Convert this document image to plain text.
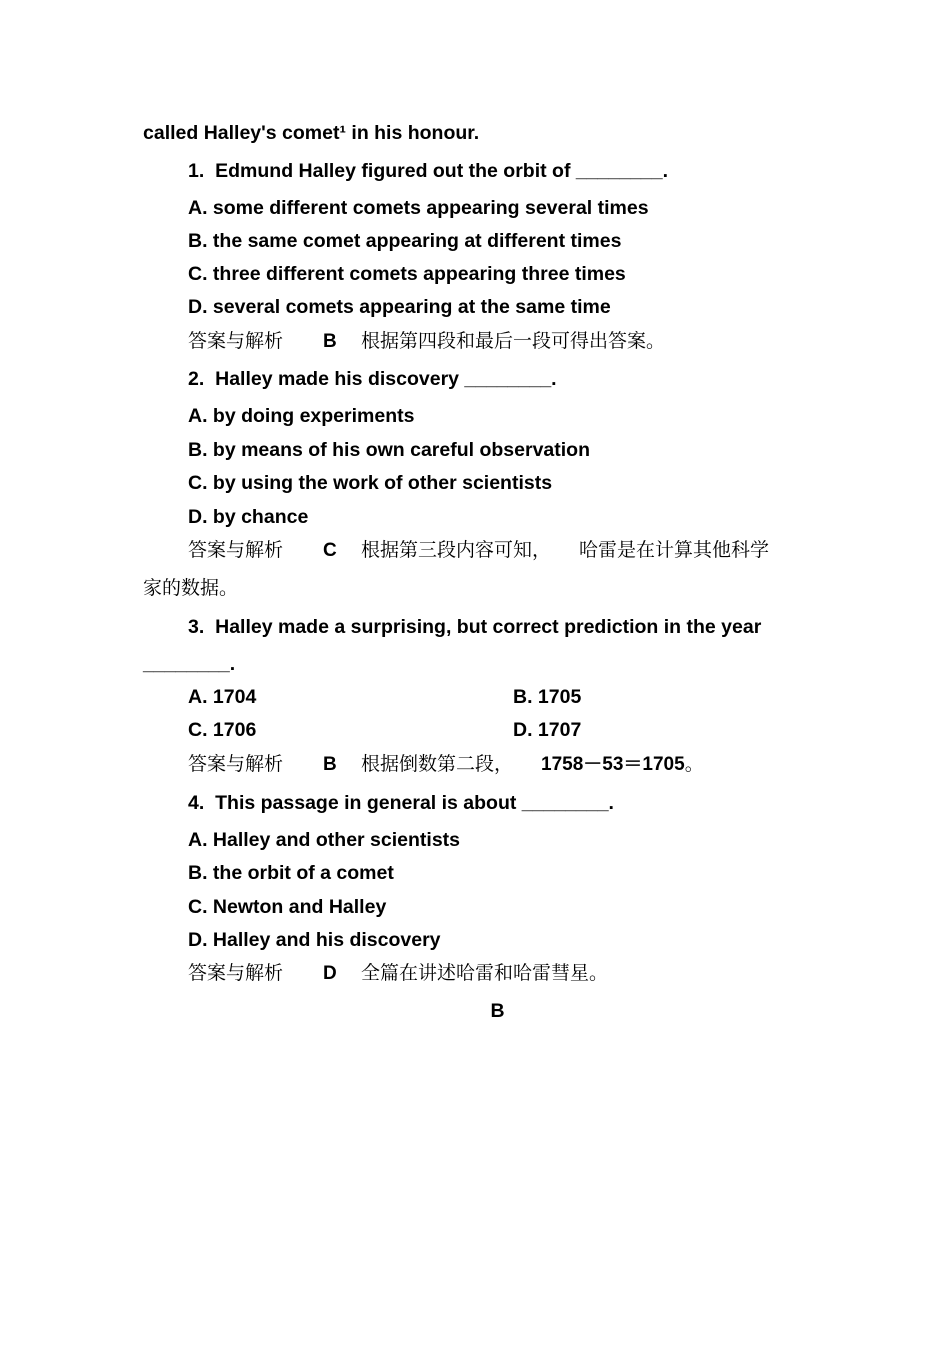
called Halley's comet¹ in his honour.
1.  Edmund Halley figured out the orbit of ________.
A. some different comets appearing several times
B. the same comet appearing at different times
C. three different comets appearing three times
D. several comets appearing at the same time
答案与解析 B 根据第四段和最后一段可得出答案。
2.  Halley made his discovery ________.
A. by doing experiments
B. by means of his own careful observation
C. by using the work of other scientists
D. by chance
答案与解析 C 根据第三段内容可知， 哈雷是在计算其他科学
家的数据。
3.  Halley made a surprising, but correct prediction in the year
________.
A. 1704	B. 1705
C. 1706	D. 1707
答案与解析 B 根据倒数第二段， 1758－53＝1705。
4.  This passage in general is about ________.
A. Halley and other scientists
B. the orbit of a comet
C. Newton and Halley
D. Halley and his discovery
答案与解析 D 全篇在讲述哈雷和哈雷彗星。
B
